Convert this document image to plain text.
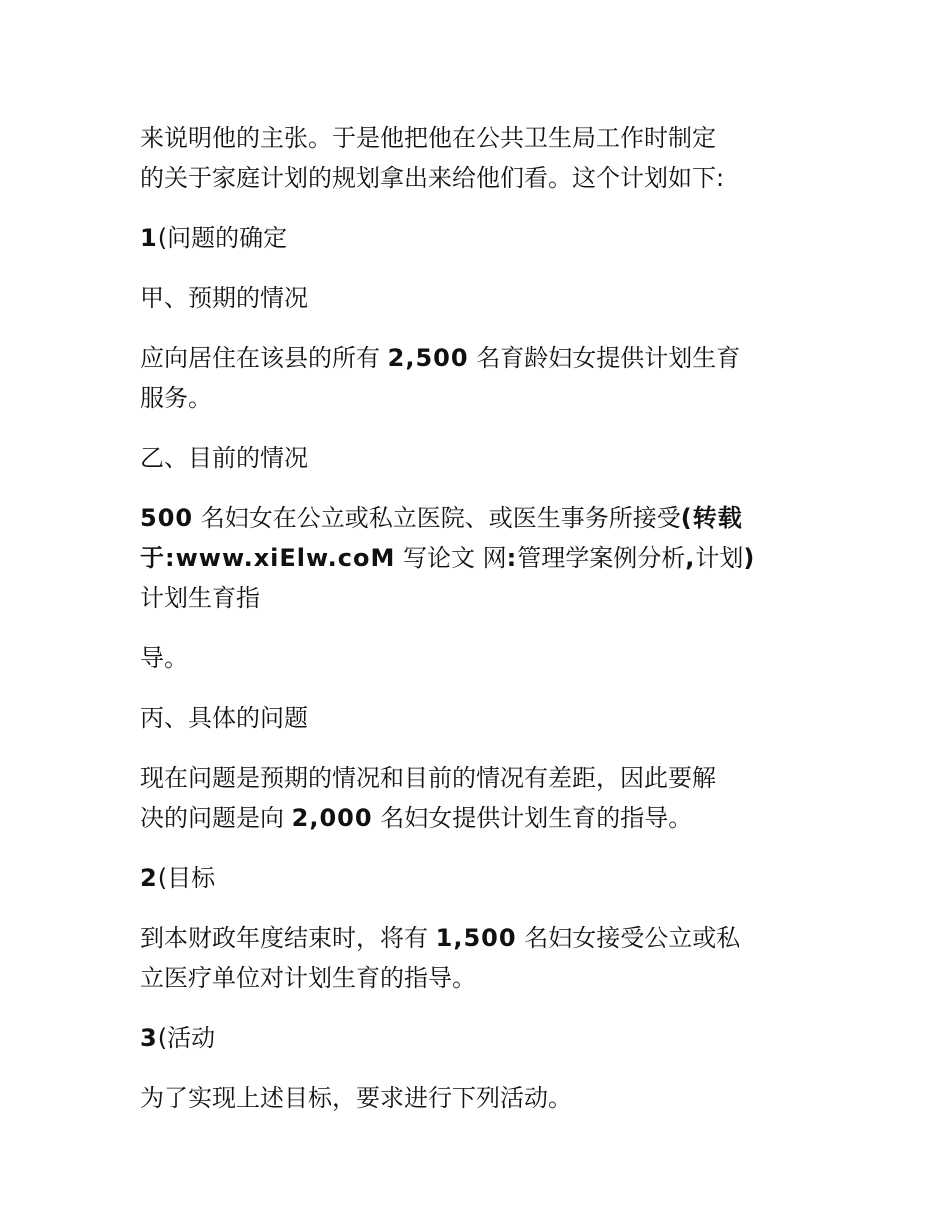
来说明他的主张。于是他把他在公共卫生局工作时制定
的关于家庭计划的规划拿出来给他们看。这个计划如下:

1(问题的确定

甲、预期的情况

应向居住在该县的所有 2,500 名育龄妇女提供计划生育
服务。

乙、目前的情况

500 名妇女在公立或私立医院、或医生事务所接受(转载
于:www.xiElw.coM 写论文 网:管理学案例分析,计划)
计划生育指

导。

丙、具体的问题

现在问题是预期的情况和目前的情况有差距，因此要解
决的问题是向 2,000 名妇女提供计划生育的指导。

2(目标

到本财政年度结束时，将有 1,500 名妇女接受公立或私
立医疗单位对计划生育的指导。

3(活动

为了实现上述目标，要求进行下列活动。
